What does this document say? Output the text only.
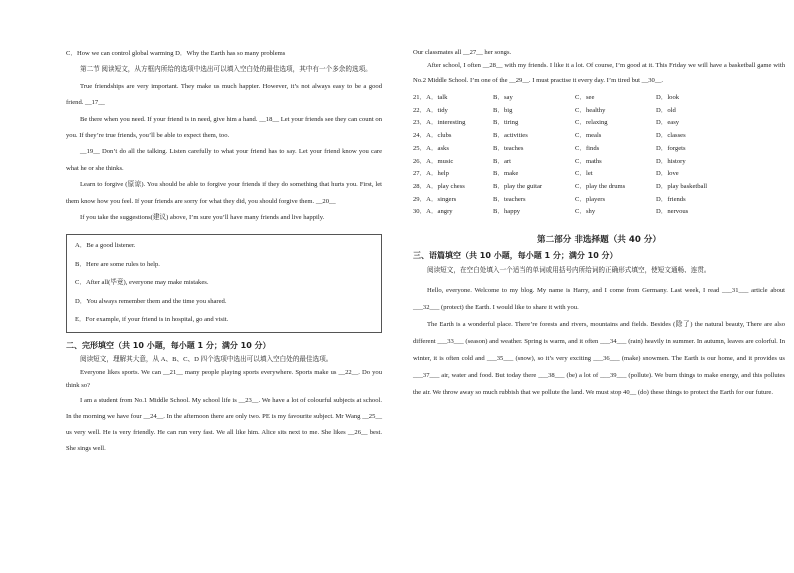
C．How we can control global warming D．Why the Earth has so many problems

第二节 阅读短文，从方框内所给的选项中选出可以填入空白处的最佳选项，其中有一个多余的选项。

True friendships are very important. They make us much happier. However, it’s not always easy to be a good friend. __17__

Be there when you need. If your friend is in need, give him a hand. __18__ Let your friends see they can count on you. If they’re true friends, you’ll be able to expect them, too.

__19__ Don’t do all the talking. Listen carefully to what your friend has to say. Let your friend know you care what he or she thinks.

Learn to forgive (原谅). You should be able to forgive your friends if they do something that hurts you. First, let them know how you feel. If your friends are sorry for what they did, you should forgive them. __20__

If you take the suggestions(建议) above, I’m sure you’ll have many friends and live happily.

A．Be a good listener.

B．Here are some rules to help.

C．After all(毕竟), everyone may make mistakes.

D．You always remember them and the time you shared.

E．For example, if your friend is in hospital, go and visit.

二、完形填空（共 10 小题，每小题 1 分；满分 10 分）

阅读短文，理解其大意，从 A、B、C、D 四个选项中选出可以填入空白处的最佳选项。

Everyone likes sports. We can __21__ many people playing sports everywhere. Sports make us __22__. Do you think so?

I am a student from No.1 Middle School. My school life is __23__. We have a lot of colourful subjects at school. In the morning we have four __24__. In the afternoon there are only two. PE is my favourite subject. Mr Wang __25__ us very well. He is very friendly. He can run very fast. We all like him. Alice sits next to me. She likes __26__ best. She sings well.

Our classmates all __27__ her songs.

After school, I often __28__ with my friends. I like it a lot. Of course, I’m good at it. This Friday we will have a basketball game with No.2 Middle School. I’m one of the __29__. I must practise it every day. I’m tired but __30__.

21．A．talk	B．say	C．see	D．look
22．A．tidy	B．big	C．healthy	D．old
23．A．interesting	B．tiring	C．relaxing	D．easy
24．A．clubs	B．activities	C．meals	D．classes
25．A．asks	B．teaches	C．finds	D．forgets
26．A．music	B．art	C．maths	D．history
27．A．help	B．make	C．let	D．love
28．A．play chess	B．play the guitar	C．play the drums	D．play basketball
29．A．singers	B．teachers	C．players	D．friends
30．A．angry	B．happy	C．shy	D．nervous
第二部分 非选择题（共 40 分）
三、语篇填空（共 10 小题，每小题 1 分；满分 10 分）

阅读短文，在空白处填入一个适当的单词或用括号内所给词的正确形式填空，使短文通畅、连贯。

Hello, everyone. Welcome to my blog. My name is Harry, and I come from Germany. Last week, I read ___31___ article about ___32___ (protect) the Earth. I would like to share it with you.

The Earth is a wonderful place. There’re forests and rivers, mountains and fields. Besides (除了) the natural beauty, There are also different ___33___ (season) and weather. Spring is warm, and it often ___34___ (rain) heavily in summer. In autumn, leaves are colorful. In winter, it is often cold and ___35___ (snow), so it’s very exciting ___36___ (make) snowmen. The Earth is our home, and it provides us ___37___ air, water and food. But today there ___38___ (be) a lot of ___39___ (pollute). We burn things to make energy, and this pollutes the air. We throw away so much rubbish that we pollute the land. We must stop 40__ (do) these things to protect the Earth for our future.
